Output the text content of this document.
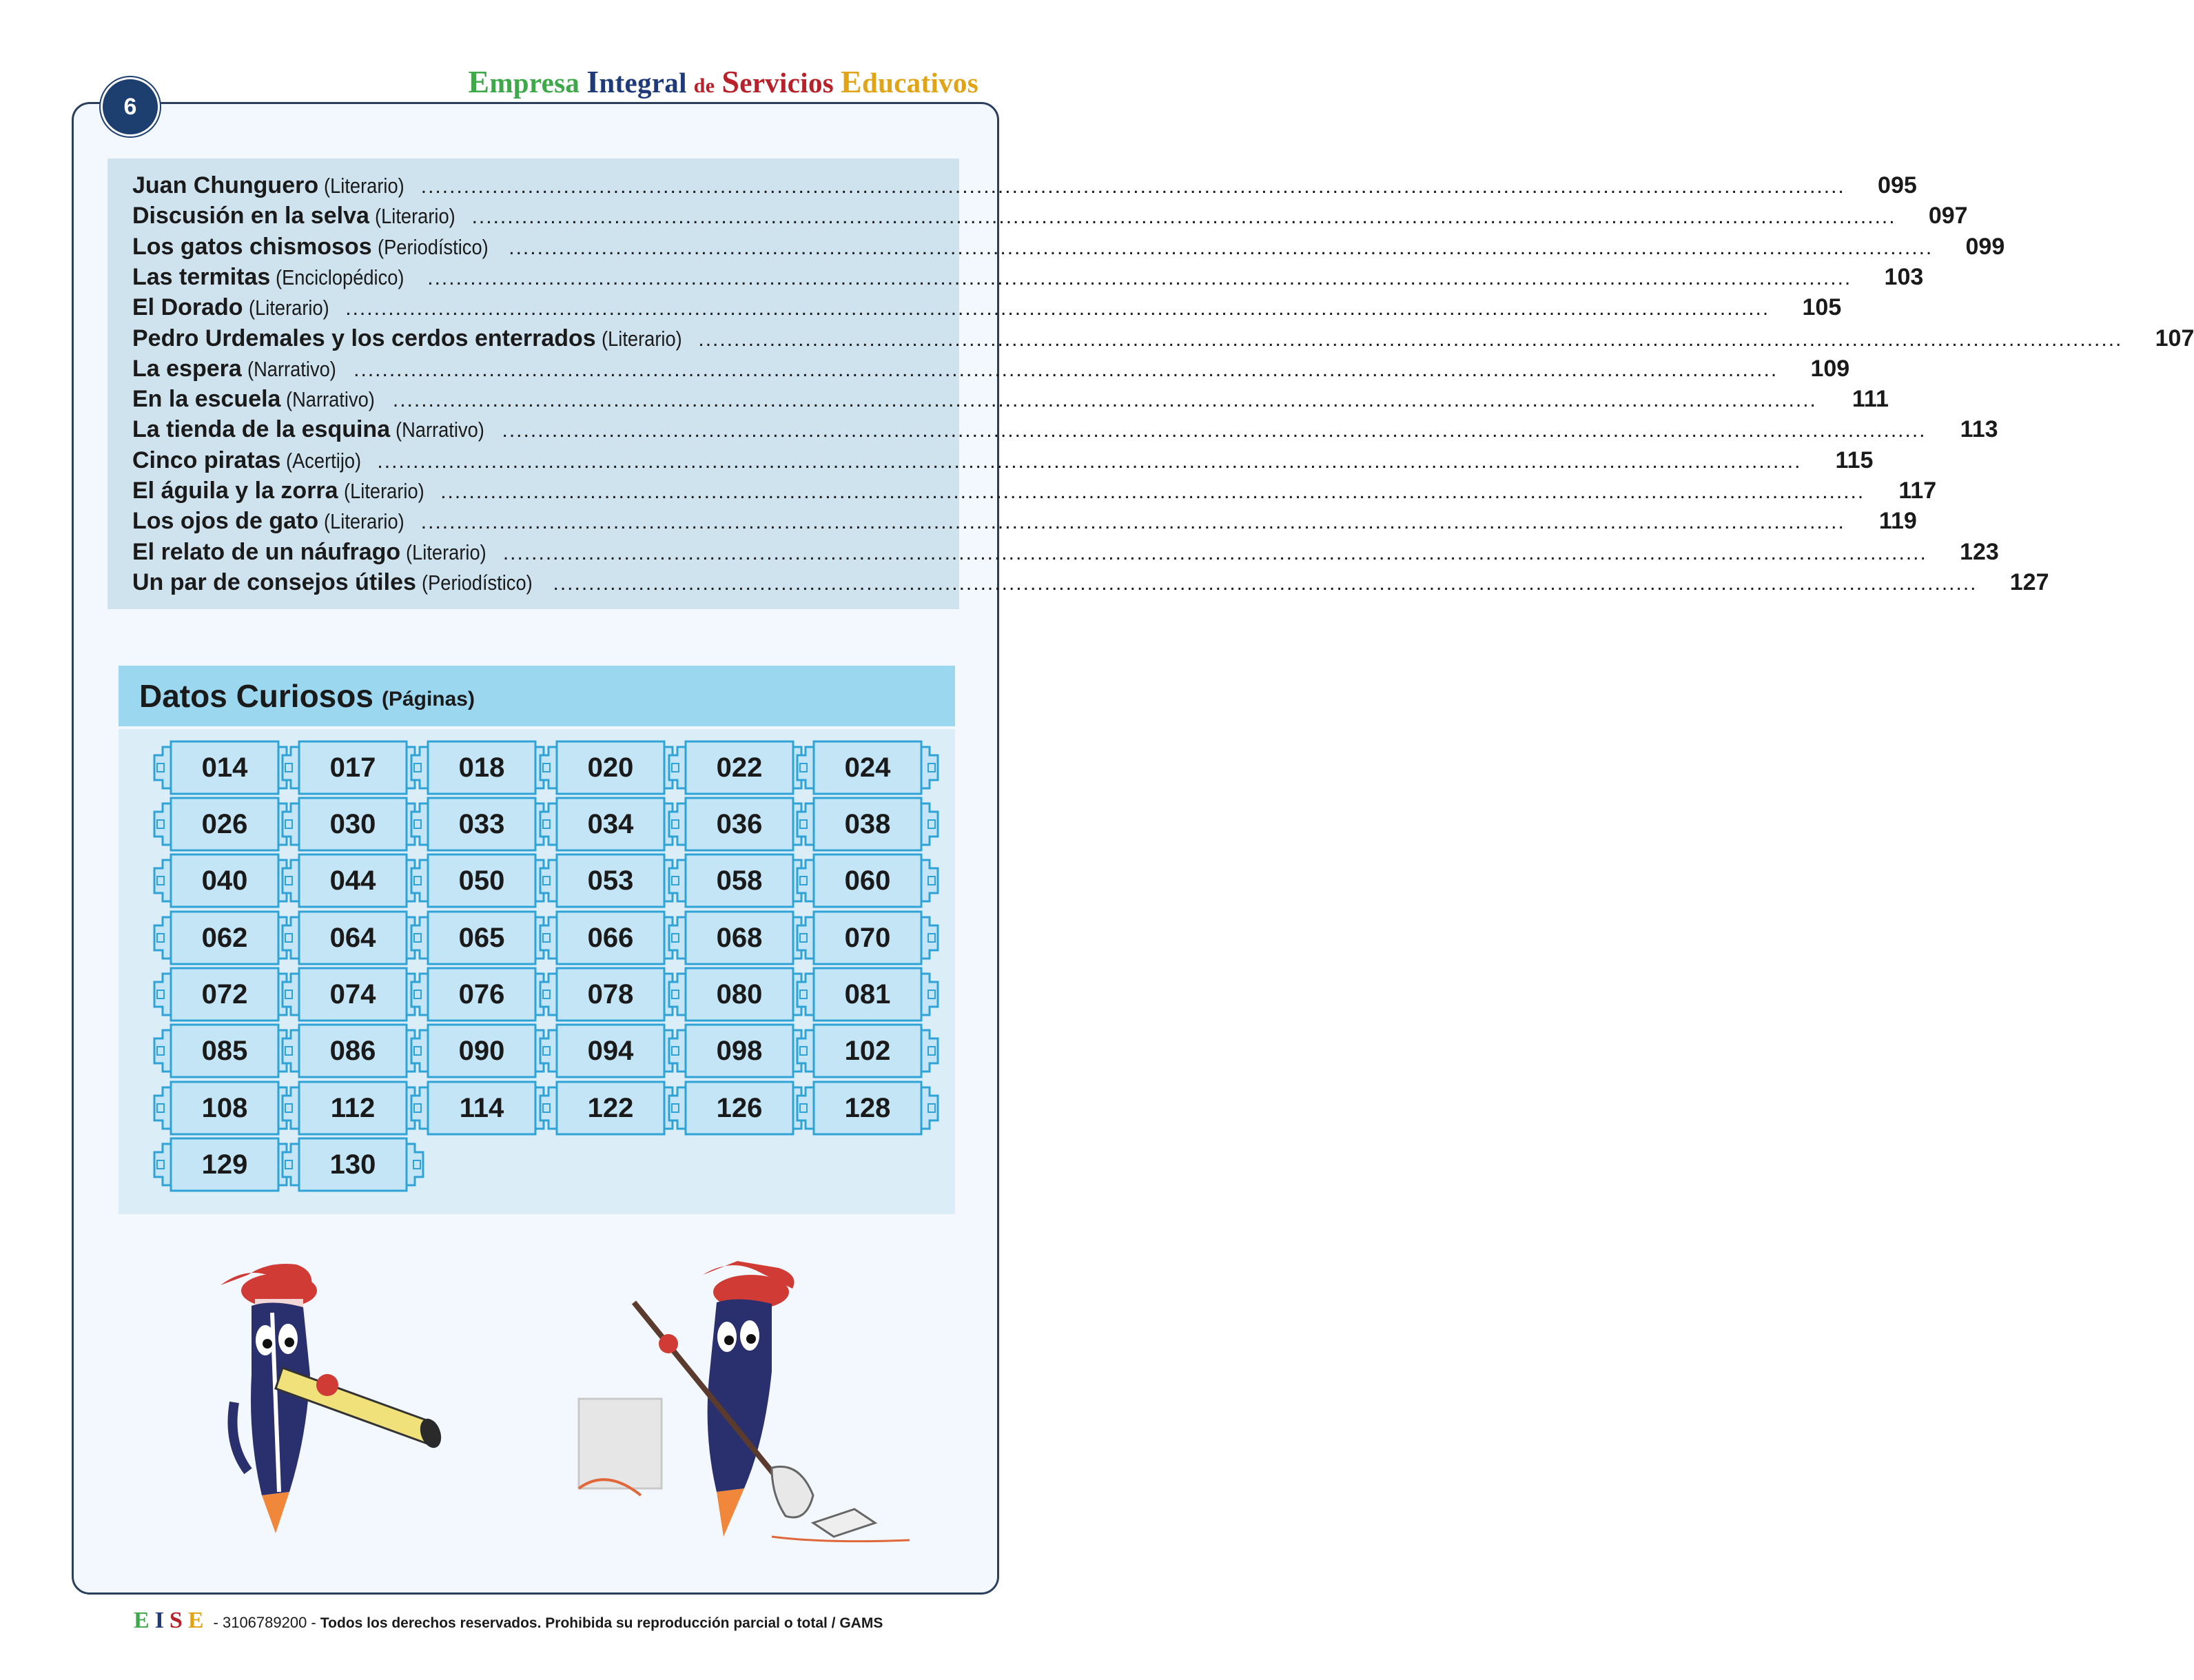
Empresa Integral de Servicios Educativos
6
Juan Chunguero (Literario) ........................................................................................................................................................................................................	095
Discusión en la selva (Literario) ........................................................................................................................................................................................................	097
Los gatos chismosos (Periodístico) ........................................................................................................................................................................................................	099
Las termitas (Enciclopédico) ........................................................................................................................................................................................................	103
El Dorado (Literario) ........................................................................................................................................................................................................	105
Pedro Urdemales y los cerdos enterrados (Literario) ........................................................................................................................................................................................................	107
La espera (Narrativo) ........................................................................................................................................................................................................	109
En la escuela (Narrativo) ........................................................................................................................................................................................................	111
La tienda de la esquina (Narrativo) ........................................................................................................................................................................................................	113
Cinco piratas (Acertijo) ........................................................................................................................................................................................................	115
El águila y la zorra (Literario) ........................................................................................................................................................................................................	117
Los ojos de gato (Literario) ........................................................................................................................................................................................................	119
El relato de un náufrago (Literario) ........................................................................................................................................................................................................	123
Un par de consejos útiles (Periodístico) ........................................................................................................................................................................................................	127
Datos Curiosos (Páginas)
014	017	018	020	022	024
026	030	033	034	036	038
040	044	050	053	058	060
062	064	065	066	068	070
072	074	076	078	080	081
085	086	090	094	098	102
108	112	114	122	126	128
129	130
EISE - 3106789200 - Todos los derechos reservados. Prohibida su reproducción parcial o total / GAMS
